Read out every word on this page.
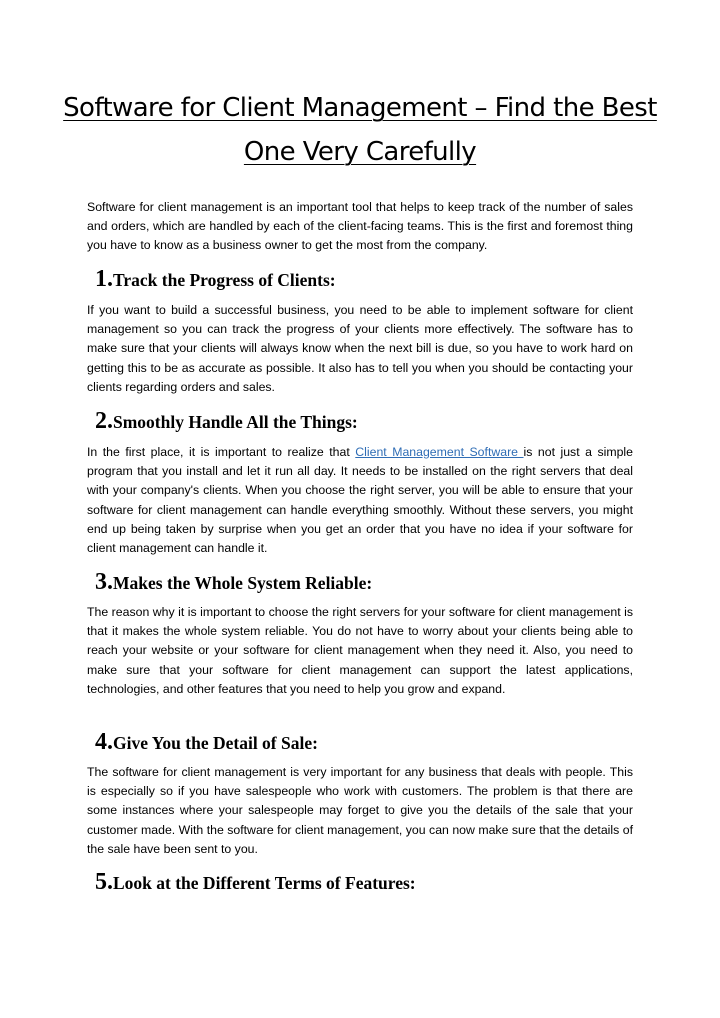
Software for Client Management – Find the Best One Very Carefully

Software for client management is an important tool that helps to keep track of the number of sales and orders, which are handled by each of the client-facing teams. This is the first and foremost thing you have to know as a business owner to get the most from the company.

1.Track the Progress of Clients:

If you want to build a successful business, you need to be able to implement software for client management so you can track the progress of your clients more effectively. The software has to make sure that your clients will always know when the next bill is due, so you have to work hard on getting this to be as accurate as possible. It also has to tell you when you should be contacting your clients regarding orders and sales.

2.Smoothly Handle All the Things:

In the first place, it is important to realize that Client Management Software is not just a simple program that you install and let it run all day. It needs to be installed on the right servers that deal with your company's clients. When you choose the right server, you will be able to ensure that your software for client management can handle everything smoothly. Without these servers, you might end up being taken by surprise when you get an order that you have no idea if your software for client management can handle it.

3.Makes the Whole System Reliable:

The reason why it is important to choose the right servers for your software for client management is that it makes the whole system reliable. You do not have to worry about your clients being able to reach your website or your software for client management when they need it. Also, you need to make sure that your software for client management can support the latest applications, technologies, and other features that you need to help you grow and expand.

4.Give You the Detail of Sale:

The software for client management is very important for any business that deals with people. This is especially so if you have salespeople who work with customers. The problem is that there are some instances where your salespeople may forget to give you the details of the sale that your customer made. With the software for client management, you can now make sure that the details of the sale have been sent to you.

5.Look at the Different Terms of Features:
